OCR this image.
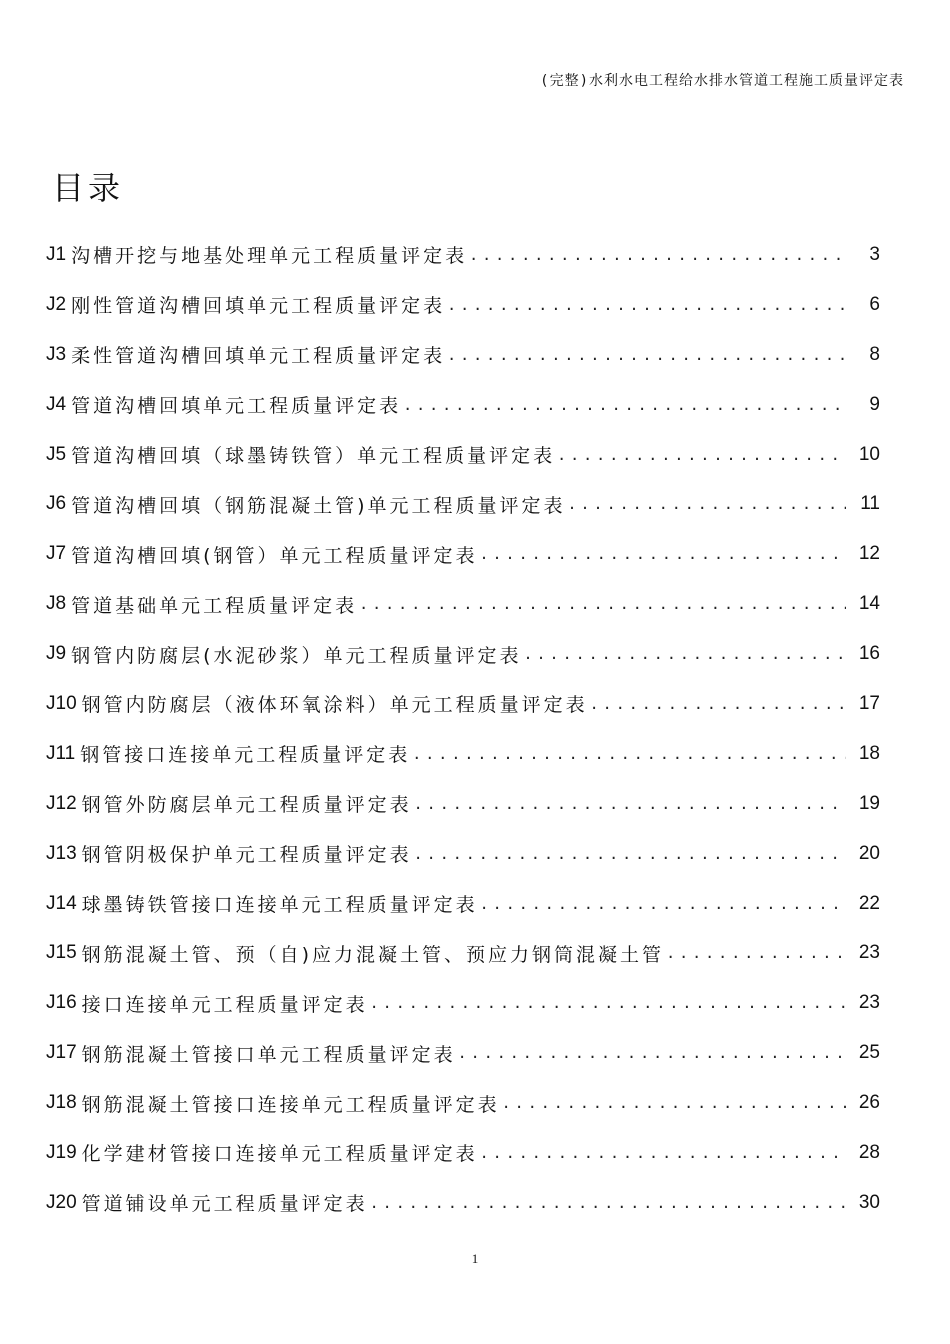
(完整)水利水电工程给水排水管道工程施工质量评定表
目录
J1 沟槽开挖与地基处理单元工程质量评定表 .....	3
J2 刚性管道沟槽回填单元工程质量评定表 .....	6
J3 柔性管道沟槽回填单元工程质量评定表 .....	8
J4 管道沟槽回填单元工程质量评定表 .....	9
J5 管道沟槽回填（球墨铸铁管）单元工程质量评定表 .....	10
J6 管道沟槽回填（钢筋混凝土管)单元工程质量评定表 .....	11
J7 管道沟槽回填(钢管）单元工程质量评定表 .....	12
J8 管道基础单元工程质量评定表 .....	14
J9 钢管内防腐层(水泥砂浆）单元工程质量评定表 .....	16
J10 钢管内防腐层（液体环氧涂料）单元工程质量评定表 .....	17
J11 钢管接口连接单元工程质量评定表 .....	18
J12 钢管外防腐层单元工程质量评定表 .....	19
J13 钢管阴极保护单元工程质量评定表 .....	20
J14 球墨铸铁管接口连接单元工程质量评定表 .....	22
J15 钢筋混凝土管、预（自)应力混凝土管、预应力钢筒混凝土管 .....	23
J16 接口连接单元工程质量评定表 .....	23
J17 钢筋混凝土管接口单元工程质量评定表 .....	25
J18 钢筋混凝土管接口连接单元工程质量评定表 .....	26
J19 化学建材管接口连接单元工程质量评定表 .....	28
J20 管道铺设单元工程质量评定表 .....	30
1
